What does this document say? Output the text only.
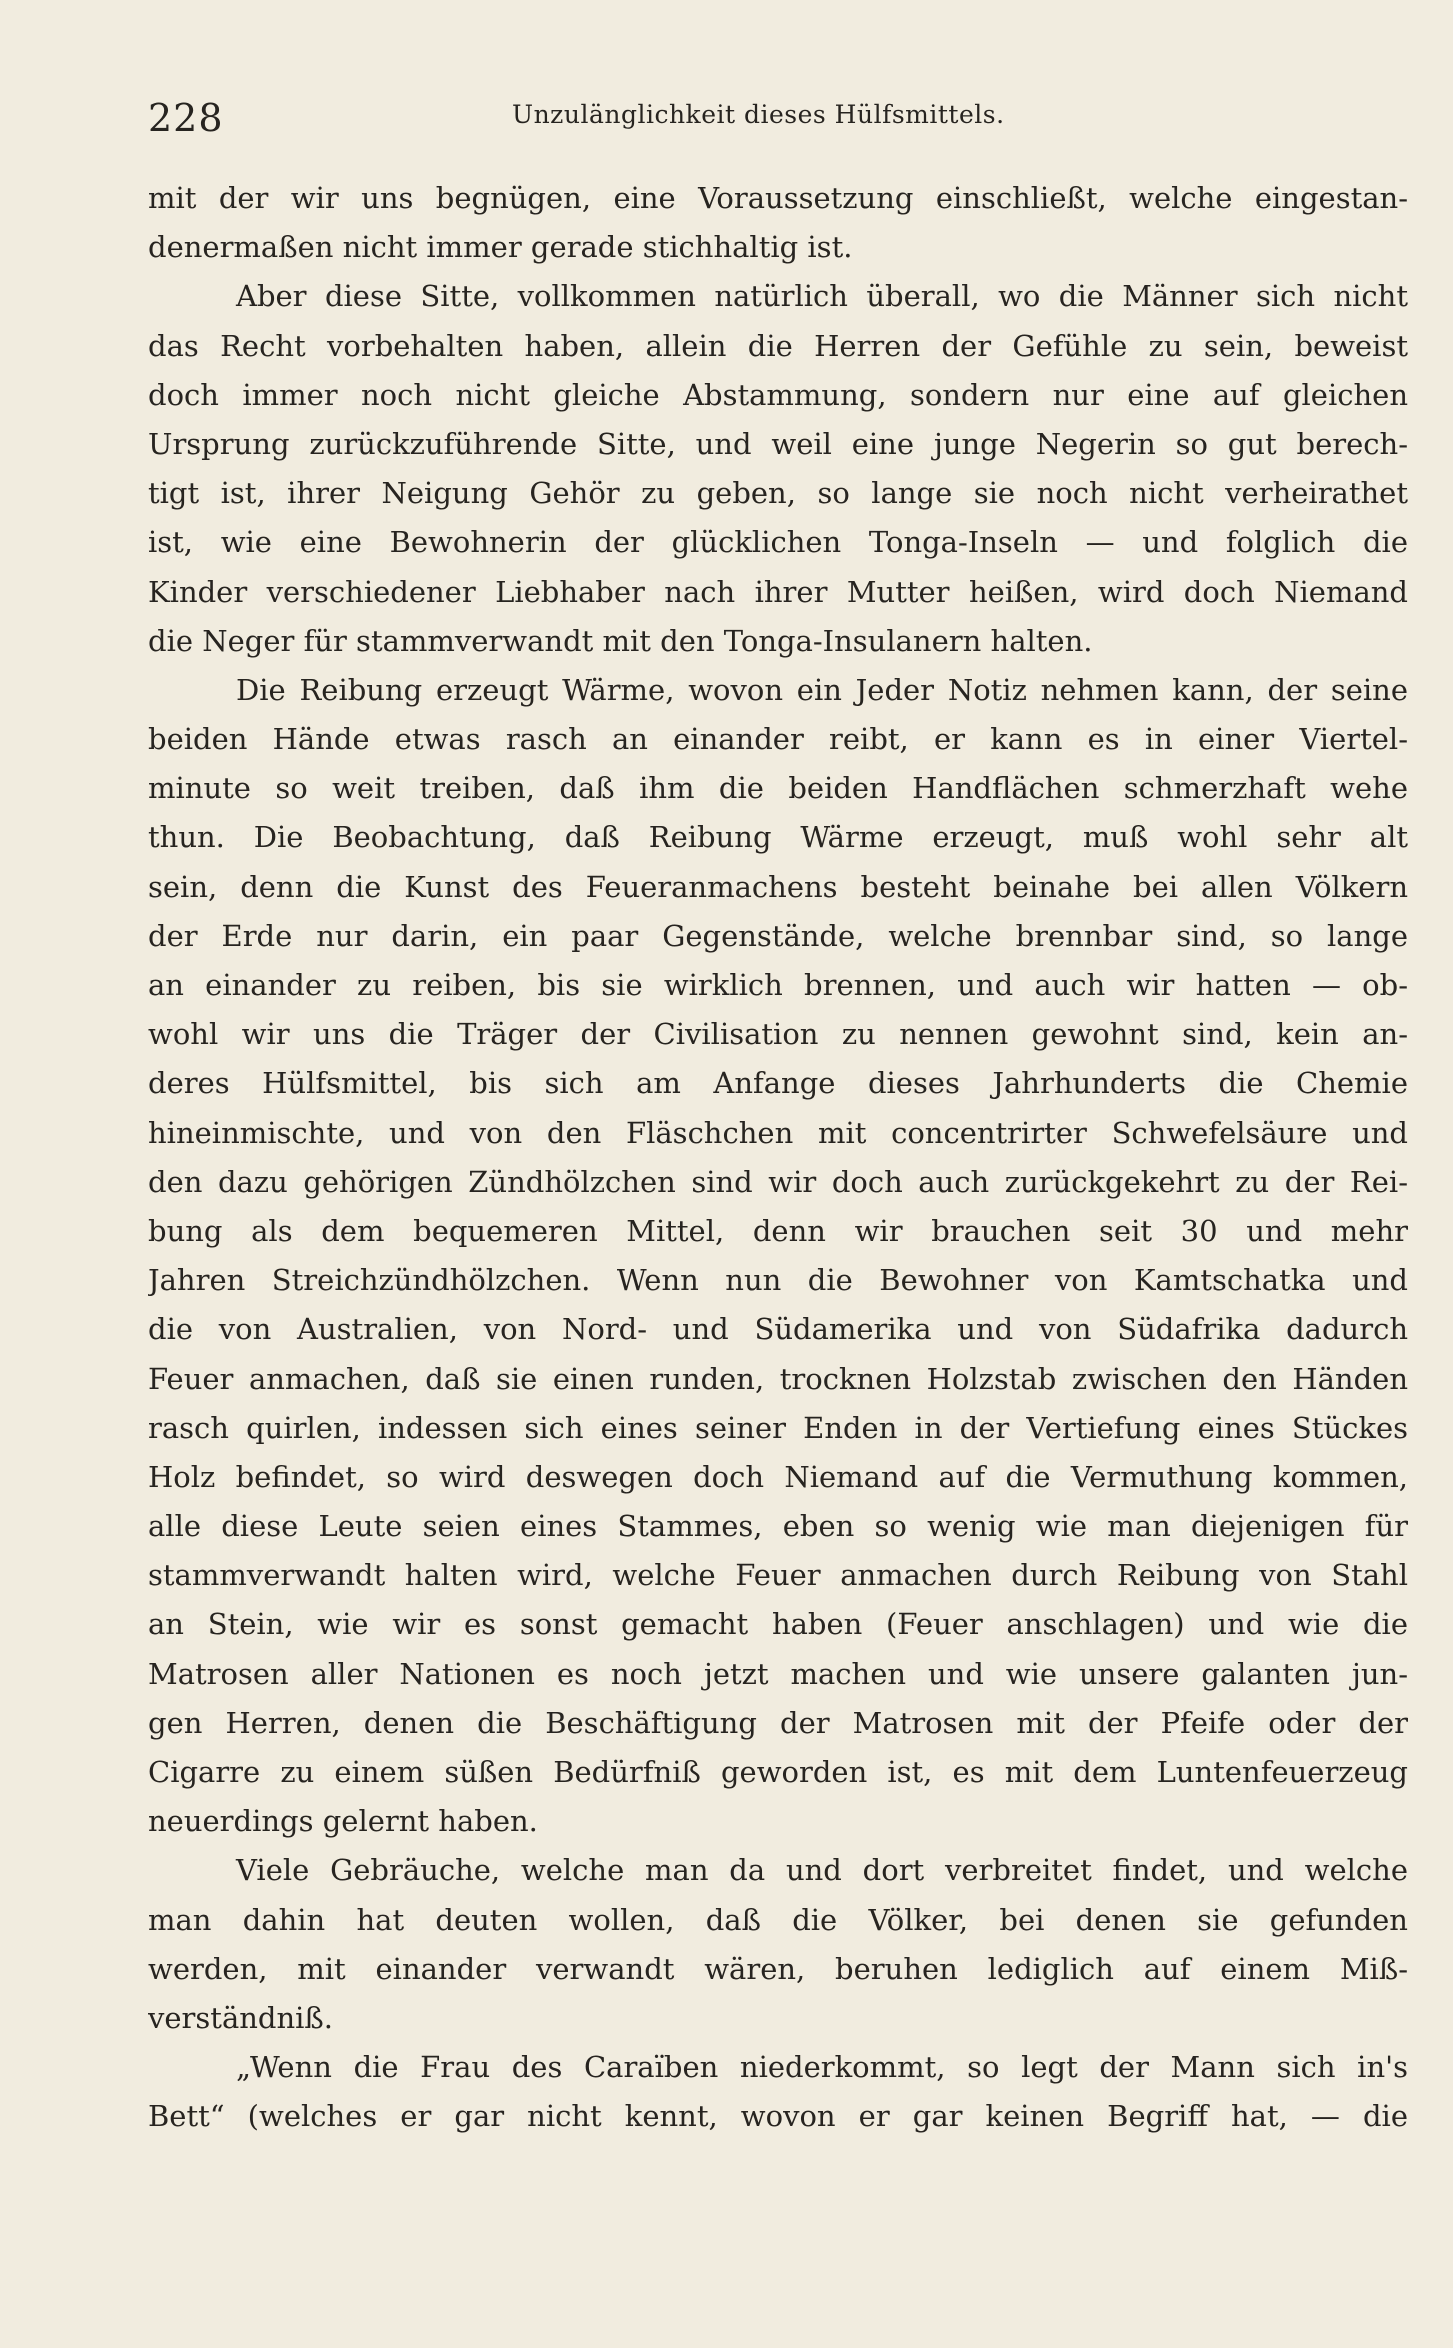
228	Unzulänglichkeit dieses Hülfsmittels.
mit der wir uns begnügen, eine Voraussetzung einschließt, welche eingestan-
denermaßen nicht immer gerade stichhaltig ist.
Aber diese Sitte, vollkommen natürlich überall, wo die Männer sich nicht
das Recht vorbehalten haben, allein die Herren der Gefühle zu sein, beweist
doch immer noch nicht gleiche Abstammung, sondern nur eine auf gleichen
Ursprung zurückzuführende Sitte, und weil eine junge Negerin so gut berech-
tigt ist, ihrer Neigung Gehör zu geben, so lange sie noch nicht verheirathet
ist, wie eine Bewohnerin der glücklichen Tonga-Inseln — und folglich die
Kinder verschiedener Liebhaber nach ihrer Mutter heißen, wird doch Niemand
die Neger für stammverwandt mit den Tonga-Insulanern halten.
Die Reibung erzeugt Wärme, wovon ein Jeder Notiz nehmen kann, der seine
beiden Hände etwas rasch an einander reibt, er kann es in einer Viertel-
minute so weit treiben, daß ihm die beiden Handflächen schmerzhaft wehe
thun. Die Beobachtung, daß Reibung Wärme erzeugt, muß wohl sehr alt
sein, denn die Kunst des Feueranmachens besteht beinahe bei allen Völkern
der Erde nur darin, ein paar Gegenstände, welche brennbar sind, so lange
an einander zu reiben, bis sie wirklich brennen, und auch wir hatten — ob-
wohl wir uns die Träger der Civilisation zu nennen gewohnt sind, kein an-
deres Hülfsmittel, bis sich am Anfange dieses Jahrhunderts die Chemie
hineinmischte, und von den Fläschchen mit concentrirter Schwefelsäure und
den dazu gehörigen Zündhölzchen sind wir doch auch zurückgekehrt zu der Rei-
bung als dem bequemeren Mittel, denn wir brauchen seit 30 und mehr
Jahren Streichzündhölzchen. Wenn nun die Bewohner von Kamtschatka und
die von Australien, von Nord- und Südamerika und von Südafrika dadurch
Feuer anmachen, daß sie einen runden, trocknen Holzstab zwischen den Händen
rasch quirlen, indessen sich eines seiner Enden in der Vertiefung eines Stückes
Holz befindet, so wird deswegen doch Niemand auf die Vermuthung kommen,
alle diese Leute seien eines Stammes, eben so wenig wie man diejenigen für
stammverwandt halten wird, welche Feuer anmachen durch Reibung von Stahl
an Stein, wie wir es sonst gemacht haben (Feuer anschlagen) und wie die
Matrosen aller Nationen es noch jetzt machen und wie unsere galanten jun-
gen Herren, denen die Beschäftigung der Matrosen mit der Pfeife oder der
Cigarre zu einem süßen Bedürfniß geworden ist, es mit dem Luntenfeuerzeug
neuerdings gelernt haben.
Viele Gebräuche, welche man da und dort verbreitet findet, und welche
man dahin hat deuten wollen, daß die Völker, bei denen sie gefunden
werden, mit einander verwandt wären, beruhen lediglich auf einem Miß-
verständniß.
„Wenn die Frau des Caraïben niederkommt, so legt der Mann sich in's
Bett“ (welches er gar nicht kennt, wovon er gar keinen Begriff hat, — die
